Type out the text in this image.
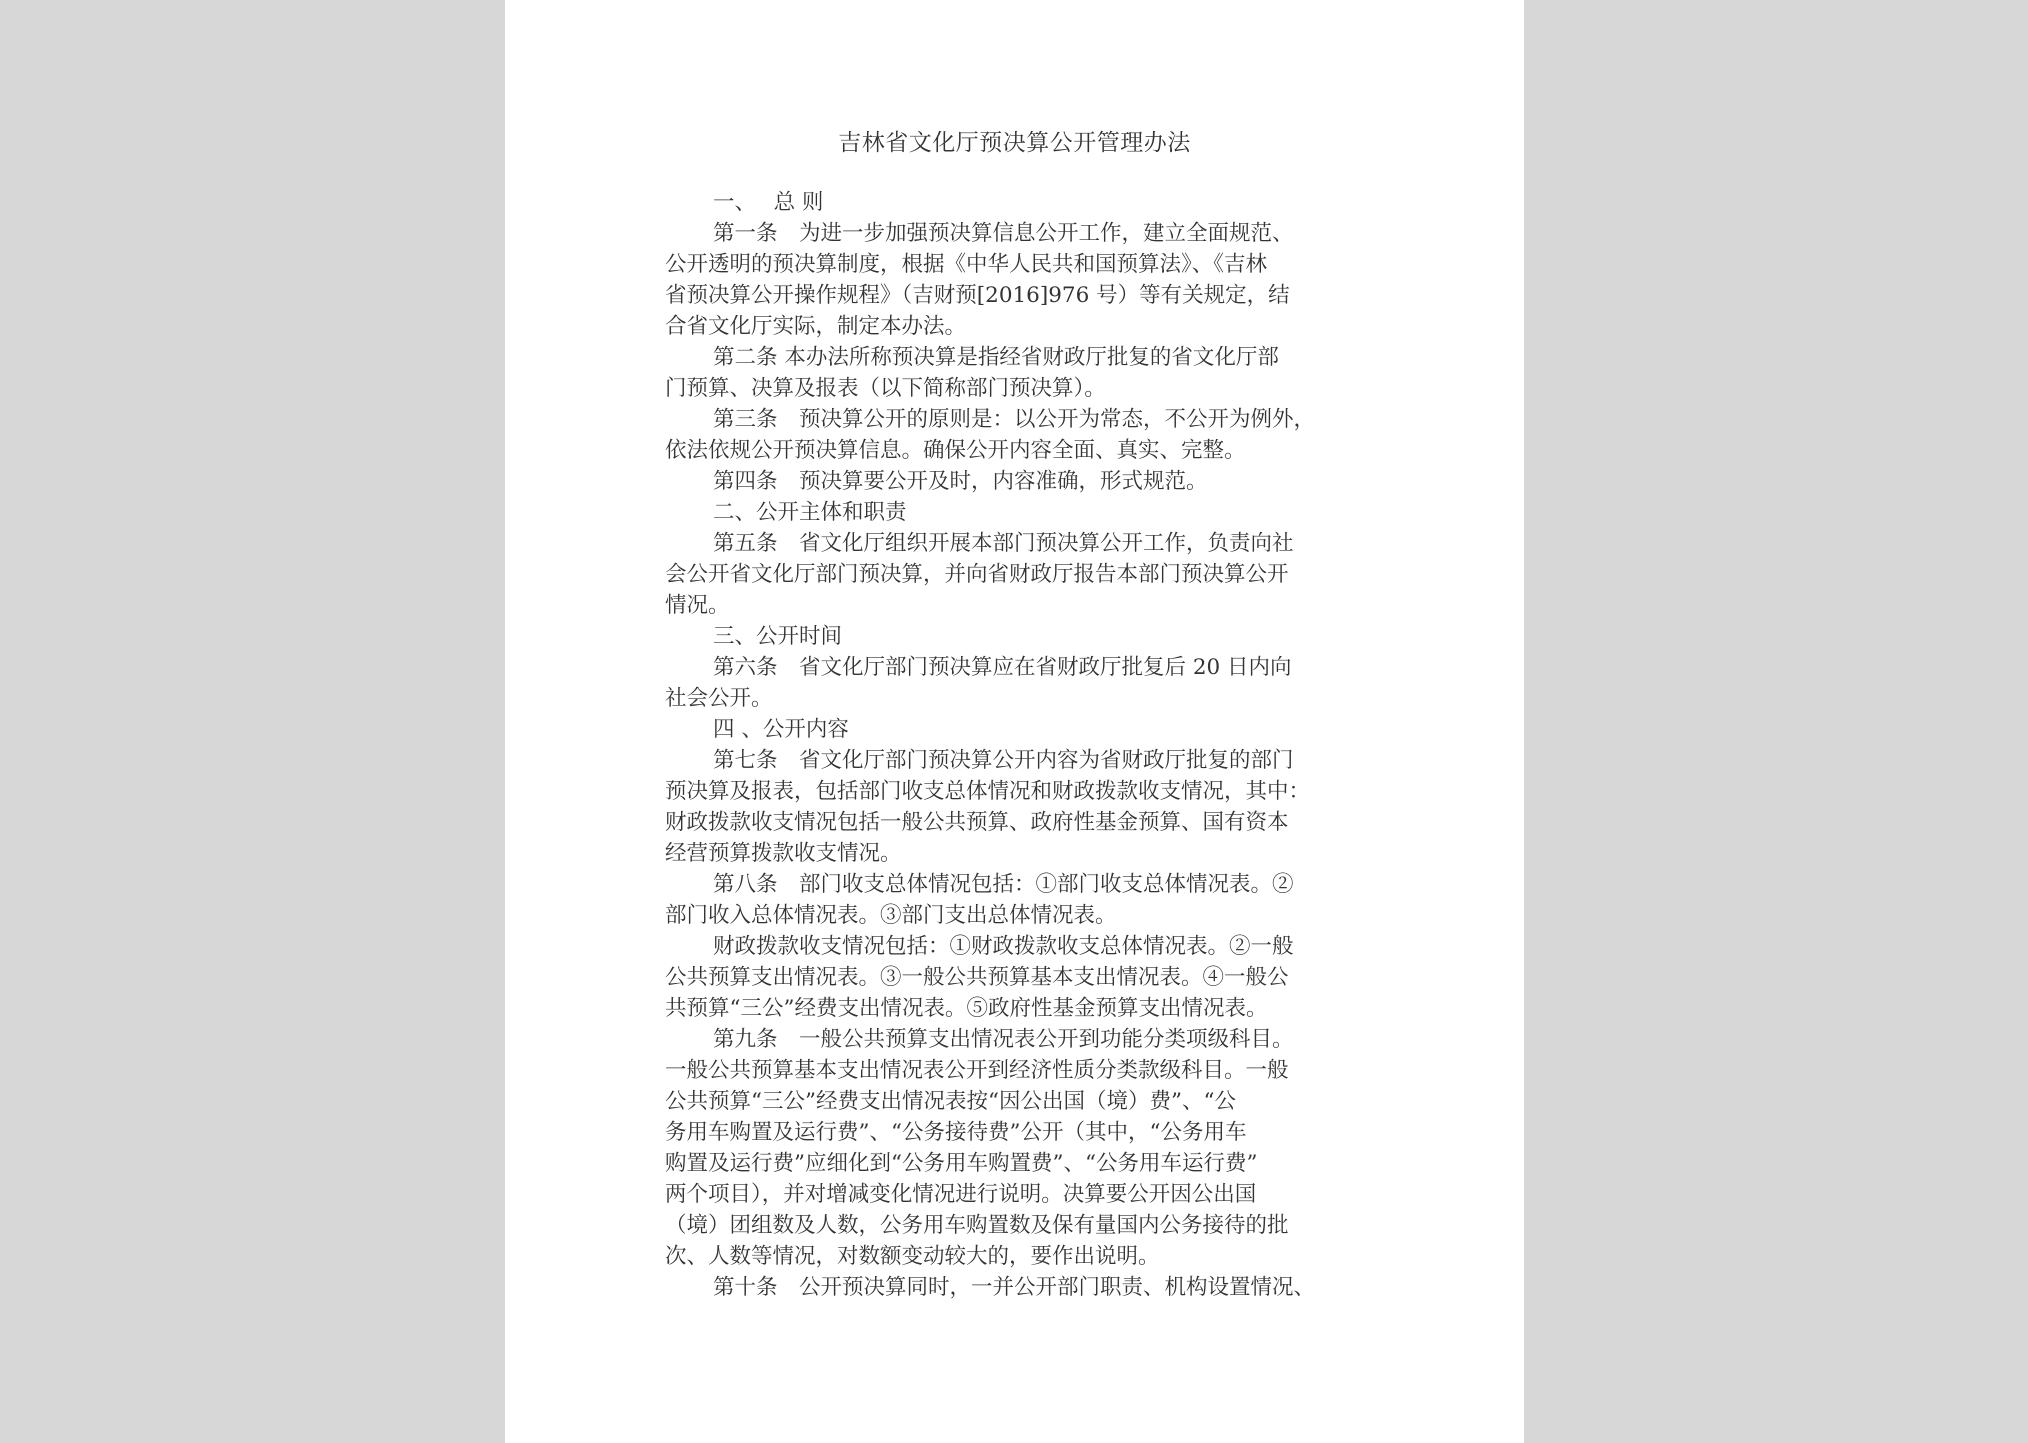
吉林省文化厅预决算公开管理办法
一、　 总 则
第一条　为进一步加强预决算信息公开工作，建立全面规范、
公开透明的预决算制度，根据《中华人民共和国预算法》、《吉林
省预决算公开操作规程》（吉财预[2016]976 号）等有关规定，结
合省文化厅实际，制定本办法。
第二条 本办法所称预决算是指经省财政厅批复的省文化厅部
门预算、决算及报表（以下简称部门预决算）。
第三条　预决算公开的原则是：以公开为常态，不公开为例外，
依法依规公开预决算信息。确保公开内容全面、真实、完整。
第四条　预决算要公开及时，内容准确，形式规范。
二、公开主体和职责
第五条　省文化厅组织开展本部门预决算公开工作，负责向社
会公开省文化厅部门预决算，并向省财政厅报告本部门预决算公开
情况。
三、公开时间
第六条　省文化厅部门预决算应在省财政厅批复后 20 日内向
社会公开。
四 、公开内容
第七条　省文化厅部门预决算公开内容为省财政厅批复的部门
预决算及报表，包括部门收支总体情况和财政拨款收支情况，其中：
财政拨款收支情况包括一般公共预算、政府性基金预算、国有资本
经营预算拨款收支情况。
第八条　部门收支总体情况包括：①部门收支总体情况表。②
部门收入总体情况表。③部门支出总体情况表。
财政拨款收支情况包括：①财政拨款收支总体情况表。②一般
公共预算支出情况表。③一般公共预算基本支出情况表。④一般公
共预算“三公”经费支出情况表。⑤政府性基金预算支出情况表。
第九条　一般公共预算支出情况表公开到功能分类项级科目。
一般公共预算基本支出情况表公开到经济性质分类款级科目。一般
公共预算“三公”经费支出情况表按“因公出国（境）费”、“公
务用车购置及运行费”、“公务接待费”公开（其中，“公务用车
购置及运行费”应细化到“公务用车购置费”、“公务用车运行费”
两个项目），并对增减变化情况进行说明。决算要公开因公出国
（境）团组数及人数，公务用车购置数及保有量国内公务接待的批
次、人数等情况，对数额变动较大的，要作出说明。
第十条　公开预决算同时，一并公开部门职责、机构设置情况、
